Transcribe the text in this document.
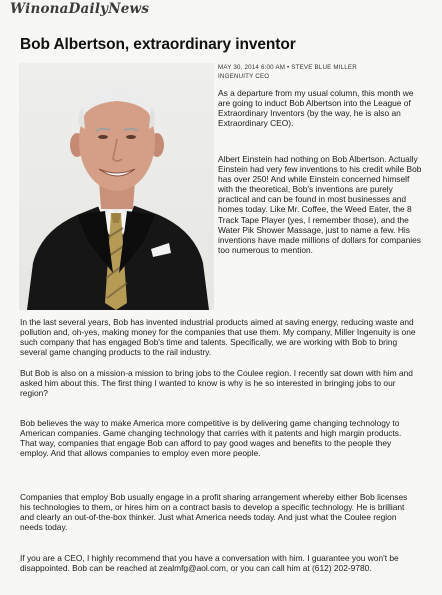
WinonaDailyNews
Bob Albertson, extraordinary inventor
MAY 30, 2014 6:00 AM • STEVE BLUE MILLER
INGENUITY CEO

As a departure from my usual column, this month we are going to induct Bob Albertson into the League of Extraordinary Inventors (by the way, he is also an Extraordinary CEO).

Albert Einstein had nothing on Bob Albertson. Actually Einstein had very few inventions to his credit while Bob has over 250! And while Einstein concerned himself with the theoretical, Bob's inventions are purely practical and can be found in most businesses and homes today. Like Mr. Coffee, the Weed Eater, the 8 Track Tape Player (yes, I remember those), and the Water Pik Shower Massage, just to name a few. His inventions have made millions of dollars for companies too numerous to mention.

In the last several years, Bob has invented industrial products aimed at saving energy, reducing waste and pollution and, oh-yes, making money for the companies that use them. My company, Miller Ingenuity is one such company that has engaged Bob's time and talents. Specifically, we are working with Bob to bring several game changing products to the rail industry.

But Bob is also on a mission-a mission to bring jobs to the Coulee region. I recently sat down with him and asked him about this. The first thing I wanted to know is why is he so interested in bringing jobs to our region?

Bob believes the way to make America more competitive is by delivering game changing technology to American companies. Game changing technology that carries with it patents and high margin products. That way, companies that engage Bob can afford to pay good wages and benefits to the people they employ. And that allows companies to employ even more people.

Companies that employ Bob usually engage in a profit sharing arrangement whereby either Bob licenses his technologies to them, or hires him on a contract basis to develop a specific technology. He is brilliant and clearly an out-of-the-box thinker. Just what America needs today. And just what the Coulee region needs today.

If you are a CEO, I highly recommend that you have a conversation with him. I guarantee you won't be disappointed. Bob can be reached at zealmfg@aol.com, or you can call him at (612) 202-9780.
